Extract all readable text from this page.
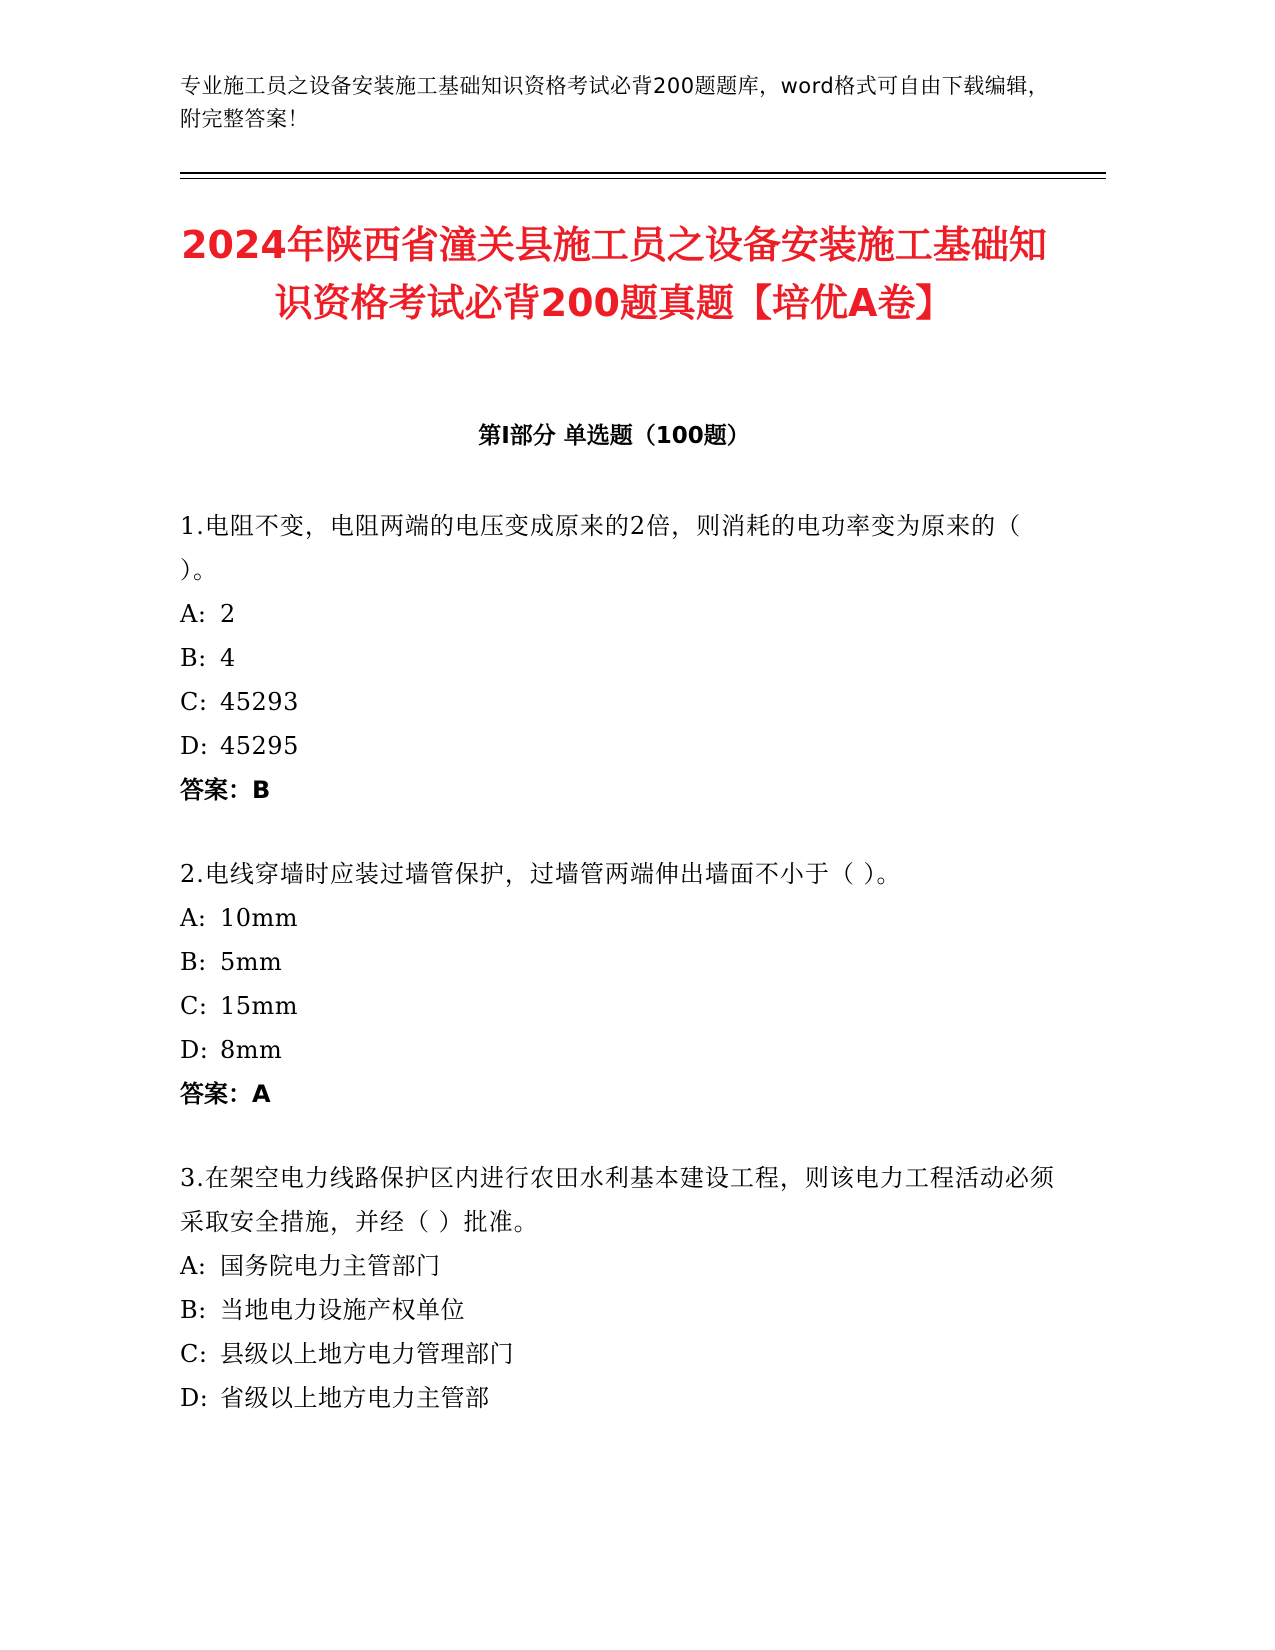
专业施工员之设备安装施工基础知识资格考试必背200题题库，word格式可自由下载编辑，附完整答案！
2024年陕西省潼关县施工员之设备安装施工基础知识资格考试必背200题真题【培优A卷】
第Ⅰ部分 单选题（100题）
1.电阻不变，电阻两端的电压变成原来的2倍，则消耗的电功率变为原来的（ ）。
A: 2
B: 4
C: 45293
D: 45295
答案：B
2.电线穿墙时应装过墙管保护，过墙管两端伸出墙面不小于（ ）。
A: 10mm
B: 5mm
C: 15mm
D: 8mm
答案：A
3.在架空电力线路保护区内进行农田水利基本建设工程，则该电力工程活动必须采取安全措施，并经（ ）批准。
A: 国务院电力主管部门
B: 当地电力设施产权单位
C: 县级以上地方电力管理部门
D: 省级以上地方电力主管部
